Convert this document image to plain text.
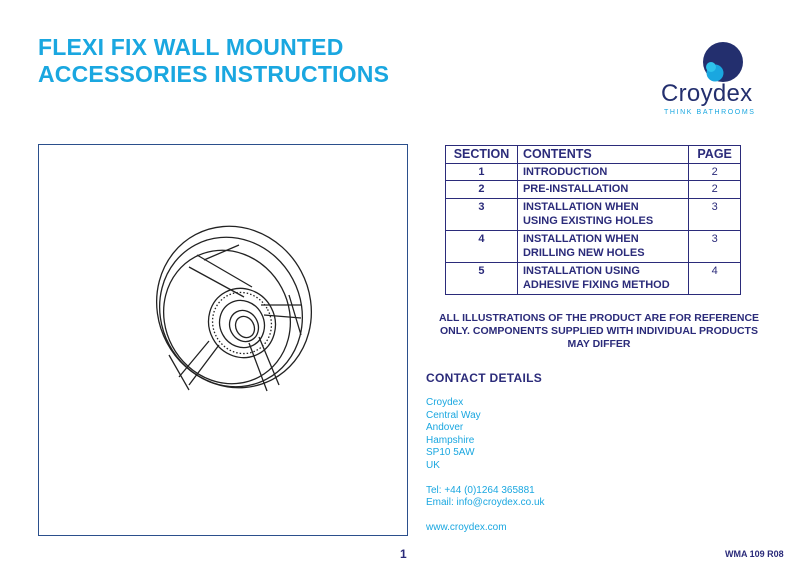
FLEXI FIX WALL MOUNTED
ACCESSORIES INSTRUCTIONS
Croydex
THINK BATHROOMS
SECTION	CONTENTS	PAGE
1	INTRODUCTION	2
2	PRE-INSTALLATION	2
3	INSTALLATION WHEN
USING EXISTING HOLES	3
4	INSTALLATION WHEN
DRILLING NEW HOLES	3
5	INSTALLATION USING
ADHESIVE FIXING METHOD	4

ALL ILLUSTRATIONS OF THE PRODUCT ARE FOR REFERENCE
ONLY. COMPONENTS SUPPLIED WITH INDIVIDUAL PRODUCTS
MAY DIFFER

CONTACT DETAILS
Croydex
Central Way
Andover
Hampshire
SP10 5AW
UK
Tel: +44 (0)1264 365881
Email: info@croydex.co.uk
www.croydex.com
1	WMA 109 R08
